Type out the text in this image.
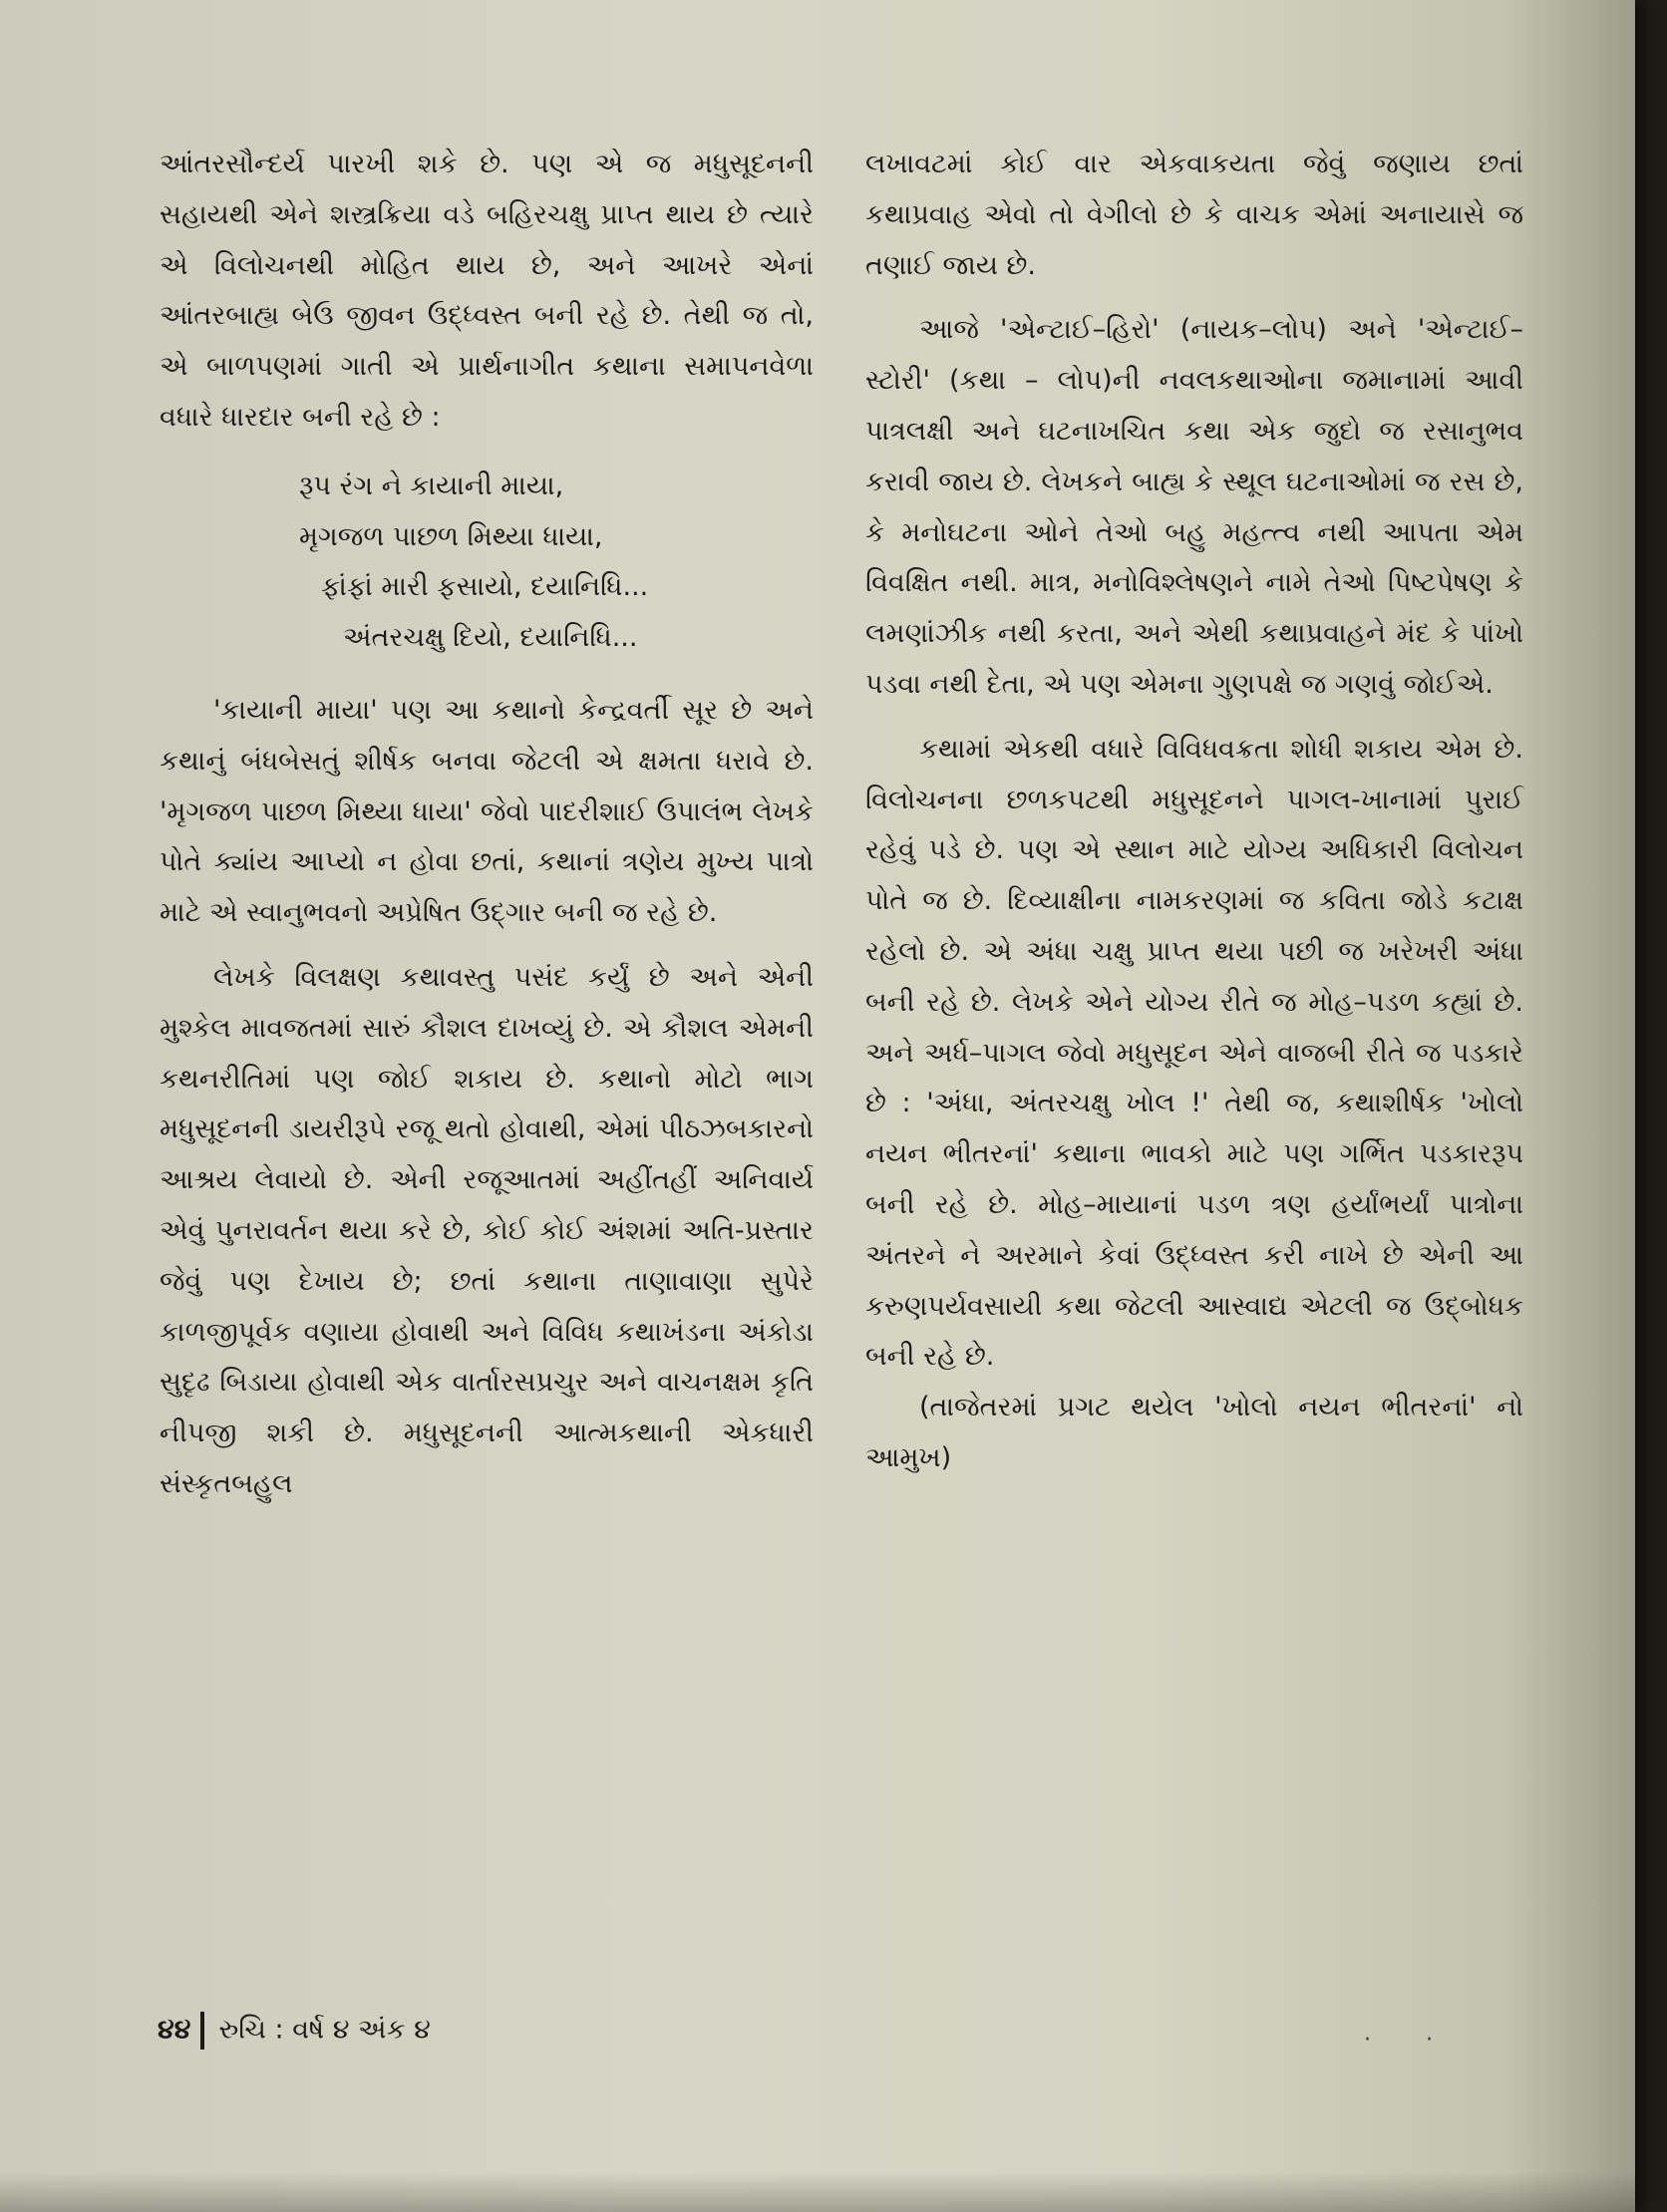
આંતરસૌન્દર્ય પારખી શકે છે. પણ એ જ મધુસૂદનની સહાયથી એને શસ્ત્રક્રિયા વડે બહિરચક્ષુ પ્રાપ્ત થાય છે ત્યારે એ વિલોચનથી મોહિત થાય છે, અને આખરે એનાં આંતરબાહ્ય બેઉ જીવન ઉદ્ધ્વસ્ત બની રહે છે. તેથી જ તો, એ બાળપણમાં ગાતી એ પ્રાર્થનાગીત કથાના સમાપનવેળા વધારે ધારદાર બની રહે છે :

રૂપ રંગ ને કાયાની માયા,
મૃગજળ પાછળ મિથ્યા ધાયા,
ફાંફાં મારી ફસાયો, દયાનિધિ...
અંતરચક્ષુ દિયો, દયાનિધિ...

'કાયાની માયા' પણ આ કથાનો કેન્દ્રવર્તી સૂર છે અને કથાનું બંધબેસતું શીર્ષક બનવા જેટલી એ ક્ષમતા ધરાવે છે. 'મૃગજળ પાછળ મિથ્યા ધાયા' જેવો પાદરીશાઈ ઉપાલંભ લેખકે પોતે ક્યાંય આપ્યો ન હોવા છતાં, કથાનાં ત્રણેય મુખ્ય પાત્રો માટે એ સ્વાનુભવનો અપ્રેષિત ઉદ્ગાર બની જ રહે છે.

લેખકે વિલક્ષણ કથાવસ્તુ પસંદ કર્યું છે અને એની મુશ્કેલ માવજતમાં સારું કૌશલ દાખવ્યું છે. એ કૌશલ એમની કથનરીતિમાં પણ જોઈ શકાય છે. કથાનો મોટો ભાગ મધુસૂદનની ડાયરીરૂપે રજૂ થતો હોવાથી, એમાં પીઠઝબકારનો આશ્રય લેવાયો છે. એની રજૂઆતમાં અહીંતહીં અનિવાર્ય એવું પુનરાવર્તન થયા કરે છે, કોઈ કોઈ અંશમાં અતિ-પ્રસ્તાર જેવું પણ દેખાય છે; છતાં કથાના તાણાવાણા સુપેરે કાળજીપૂર્વક વણાયા હોવાથી અને વિવિધ કથાખંડના અંકોડા સુદૃઢ બિડાયા હોવાથી એક વાર્તારસપ્રચુર અને વાચનક્ષમ કૃતિ નીપજી શકી છે. મધુસૂદનની આત્મકથાની એકધારી સંસ્કૃતબહુલ

લખાવટમાં કોઈ વાર એકવાકયતા જેવું જણાય છતાં કથાપ્રવાહ એવો તો વેગીલો છે કે વાચક એમાં અનાયાસે જ તણાઈ જાય છે.

આજે 'એન્ટાઈ–હિરો' (નાયક–લોપ) અને 'એન્ટાઈ–સ્ટોરી' (કથા – લોપ)ની નવલકથાઓના જમાનામાં આવી પાત્રલક્ષી અને ઘટનાખચિત કથા એક જુદો જ રસાનુભવ કરાવી જાય છે. લેખકને બાહ્ય કે સ્થૂલ ઘટનાઓમાં જ રસ છે, કે મનોઘટના ઓને તેઓ બહુ મહત્ત્વ નથી આપતા એમ વિવક્ષિત નથી. માત્ર, મનોવિશ્લેષણને નામે તેઓ પિષ્ટપેષણ કે લમણાંઝીક નથી કરતા, અને એથી કથાપ્રવાહને મંદ કે પાંખો પડવા નથી દેતા, એ પણ એમના ગુણપક્ષે જ ગણવું જોઈએ.

કથામાં એકથી વધારે વિવિધવક્રતા શોધી શકાય એમ છે. વિલોચનના છળકપટથી મધુસૂદનને પાગલ-ખાનામાં પુરાઈ રહેવું પડે છે. પણ એ સ્થાન માટે યોગ્ય અધિકારી વિલોચન પોતે જ છે. દિવ્યાક્ષીના નામકરણમાં જ કવિતા જોડે કટાક્ષ રહેલો છે. એ અંધા ચક્ષુ પ્રાપ્ત થયા પછી જ ખરેખરી અંધા બની રહે છે. લેખકે એને યોગ્ય રીતે જ મોહ–પડળ કહ્યાં છે. અને અર્ધ–પાગલ જેવો મધુસૂદન એને વાજબી રીતે જ પડકારે છે : 'અંધા, અંતરચક્ષુ ખોલ !' તેથી જ, કથાશીર્ષક 'ખોલો નયન ભીતરનાં' કથાના ભાવકો માટે પણ ગર્ભિત પડકારરૂપ બની રહે છે. મોહ–માયાનાં પડળ ત્રણ હર્યાંભર્યાં પાત્રોના અંતરને ને અરમાને કેવાં ઉદ્ધ્વસ્ત કરી નાખે છે એની આ કરુણપર્યવસાયી કથા જેટલી આસ્વાદ્ય એટલી જ ઉદ્બોધક બની રહે છે.

(તાજેતરમાં પ્રગટ થયેલ 'ખોલો નયન ભીતરનાં' નો આમુખ)

૪૪ રુચિ : વર્ષ ૪ અંક ૪	· ·
